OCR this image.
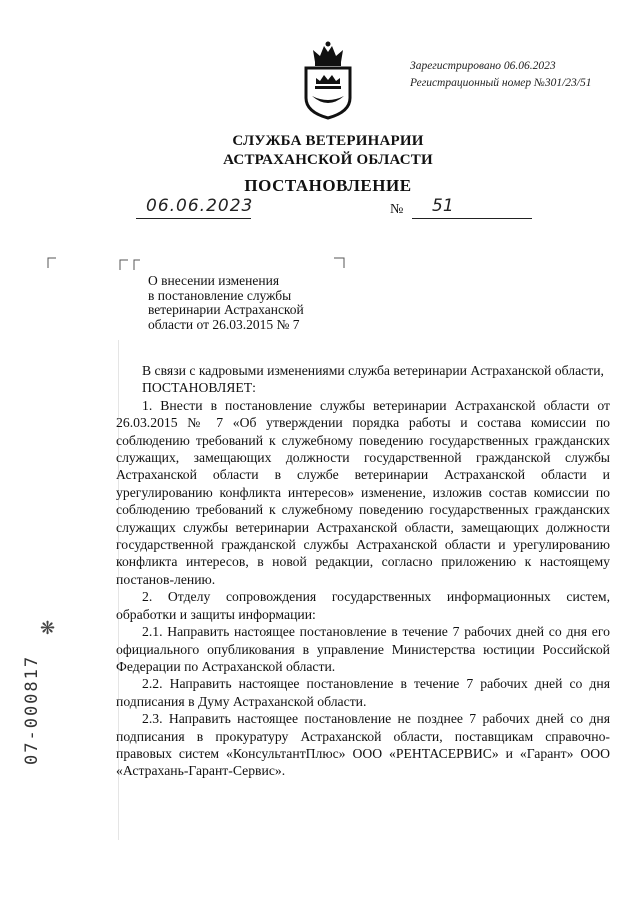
Зарегистрировано 06.06.2023
Регистрационный номер №301/23/51
СЛУЖБА ВЕТЕРИНАРИИ
АСТРАХАНСКОЙ ОБЛАСТИ
ПОСТАНОВЛЕНИЕ
06.06.2023	№ 51
О внесении изменения
в постановление службы
ветеринарии Астраханской
области от 26.03.2015 № 7

В связи с кадровыми изменениями служба ветеринарии Астраханской области,

ПОСТАНОВЛЯЕТ:

1. Внести в постановление службы ветеринарии Астраханской области от 26.03.2015 № 7 «Об утверждении порядка работы и состава комиссии по соблюдению требований к служебному поведению государственных гражданских служащих, замещающих должности государственной гражданской службы Астраханской области в службе ветеринарии Астраханской области и урегулированию конфликта интересов» изменение, изложив состав комиссии по соблюдению требований к служебному поведению государственных гражданских служащих службы ветеринарии Астраханской области, замещающих должности государственной гражданской службы Астраханской области и урегулированию конфликта интересов, в новой редакции, согласно приложению к настоящему постанов-лению.

2. Отделу сопровождения государственных информационных систем, обработки и защиты информации:

2.1. Направить настоящее постановление в течение 7 рабочих дней со дня его официального опубликования в управление Министерства юстиции Российской Федерации по Астраханской области.

2.2. Направить настоящее постановление в течение 7 рабочих дней со дня подписания в Думу Астраханской области.

2.3. Направить настоящее постановление не позднее 7 рабочих дней со дня подписания в прокуратуру Астраханской области, поставщикам справочно-правовых систем «КонсультантПлюс» ООО «РЕНТАСЕРВИС» и «Гарант» ООО «Астрахань-Гарант-Сервис».

❋
07-000817
